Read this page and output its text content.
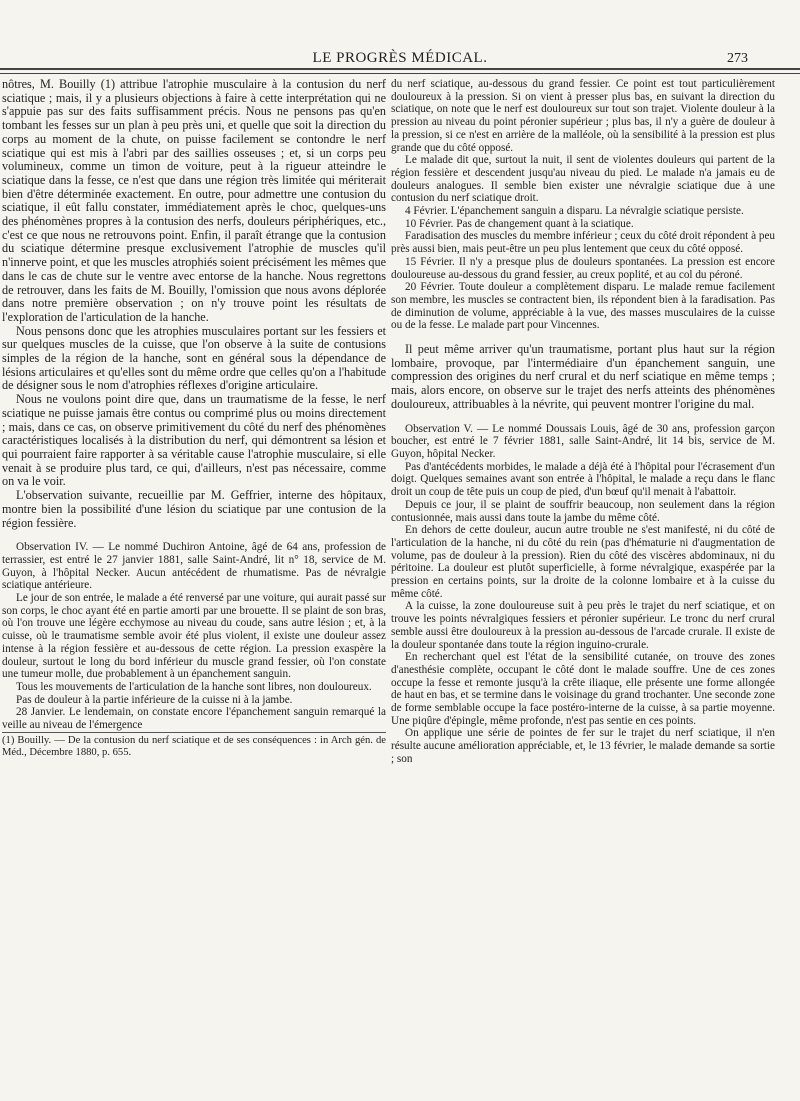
LE PROGRÈS MÉDICAL.	273

nôtres, M. Bouilly (1) attribue l'atrophie musculaire à la contusion du nerf sciatique ; mais, il y a plusieurs objections à faire à cette interprétation qui ne s'appuie pas sur des faits suffisamment précis. Nous ne pensons pas qu'en tombant les fesses sur un plan à peu près uni, et quelle que soit la direction du corps au moment de la chute, on puisse facilement se contondre le nerf sciatique qui est mis à l'abri par des saillies osseuses ; et, si un corps peu volumineux, comme un timon de voiture, peut à la rigueur atteindre le sciatique dans la fesse, ce n'est que dans une région très limitée qui mériterait bien d'être déterminée exactement. En outre, pour admettre une contusion du sciatique, il eût fallu constater, immédiatement après le choc, quelques-uns des phénomènes propres à la contusion des nerfs, douleurs périphériques, etc., c'est ce que nous ne retrouvons point. Enfin, il paraît étrange que la contusion du sciatique détermine presque exclusivement l'atrophie de muscles qu'il n'innerve point, et que les muscles atrophiés soient précisément les mêmes que dans le cas de chute sur le ventre avec entorse de la hanche. Nous regrettons de retrouver, dans les faits de M. Bouilly, l'omission que nous avons déplorée dans notre première observation ; on n'y trouve point les résultats de l'exploration de l'articulation de la hanche.

Nous pensons donc que les atrophies musculaires portant sur les fessiers et sur quelques muscles de la cuisse, que l'on observe à la suite de contusions simples de la région de la hanche, sont en général sous la dépendance de lésions articulaires et qu'elles sont du même ordre que celles qu'on a l'habitude de désigner sous le nom d'atrophies réflexes d'origine articulaire.

Nous ne voulons point dire que, dans un traumatisme de la fesse, le nerf sciatique ne puisse jamais être contus ou comprimé plus ou moins directement ; mais, dans ce cas, on observe primitivement du côté du nerf des phénomènes caractéristiques localisés à la distribution du nerf, qui démontrent sa lésion et qui pourraient faire rapporter à sa véritable cause l'atrophie musculaire, si elle venait à se produire plus tard, ce qui, d'ailleurs, n'est pas nécessaire, comme on va le voir.

L'observation suivante, recueillie par M. Geffrier, interne des hôpitaux, montre bien la possibilité d'une lésion du sciatique par une contusion de la région fessière.

Observation IV. — Le nommé Duchiron Antoine, âgé de 64 ans, profession de terrassier, est entré le 27 janvier 1881, salle Saint-André, lit n° 18, service de M. Guyon, à l'hôpital Necker. Aucun antécédent de rhumatisme. Pas de névralgie sciatique antérieure.

Le jour de son entrée, le malade a été renversé par une voiture, qui aurait passé sur son corps, le choc ayant été en partie amorti par une brouette. Il se plaint de son bras, où l'on trouve une légère ecchymose au niveau du coude, sans autre lésion ; et, à la cuisse, où le traumatisme semble avoir été plus violent, il existe une douleur assez intense à la région fessière et au-dessous de cette région. La pression exaspère la douleur, surtout le long du bord inférieur du muscle grand fessier, où l'on constate une tumeur molle, due probablement à un épanchement sanguin.

Tous les mouvements de l'articulation de la hanche sont libres, non douloureux.

Pas de douleur à la partie inférieure de la cuisse ni à la jambe.

28 Janvier. Le lendemain, on constate encore l'épanchement sanguin remarqué la veille au niveau de l'émergence

(1) Bouilly. — De la contusion du nerf sciatique et de ses conséquences : in Arch gén. de Méd., Décembre 1880, p. 655.

du nerf sciatique, au-dessous du grand fessier. Ce point est tout particulièrement douloureux à la pression. Si on vient à presser plus bas, en suivant la direction du sciatique, on note que le nerf est douloureux sur tout son trajet. Violente douleur à la pression au niveau du point péronier supérieur ; plus bas, il n'y a guère de douleur à la pression, si ce n'est en arrière de la malléole, où la sensibilité à la pression est plus grande que du côté opposé.

Le malade dit que, surtout la nuit, il sent de violentes douleurs qui partent de la région fessière et descendent jusqu'au niveau du pied. Le malade n'a jamais eu de douleurs analogues. Il semble bien exister une névralgie sciatique due à une contusion du nerf sciatique droit.

4 Février. L'épanchement sanguin a disparu. La névralgie sciatique persiste.

10 Février. Pas de changement quant à la sciatique.

Faradisation des muscles du membre inférieur ; ceux du côté droit répondent à peu près aussi bien, mais peut-être un peu plus lentement que ceux du côté opposé.

15 Février. Il n'y a presque plus de douleurs spontanées. La pression est encore douloureuse au-dessous du grand fessier, au creux poplité, et au col du péroné.

20 Février. Toute douleur a complètement disparu. Le malade remue facilement son membre, les muscles se contractent bien, ils répondent bien à la faradisation. Pas de diminution de volume, appréciable à la vue, des masses musculaires de la cuisse ou de la fesse. Le malade part pour Vincennes.

Il peut même arriver qu'un traumatisme, portant plus haut sur la région lombaire, provoque, par l'intermédiaire d'un épanchement sanguin, une compression des origines du nerf crural et du nerf sciatique en même temps ; mais, alors encore, on observe sur le trajet des nerfs atteints des phénomènes douloureux, attribuables à la névrite, qui peuvent montrer l'origine du mal.

Observation V. — Le nommé Doussais Louis, âgé de 30 ans, profession garçon boucher, est entré le 7 février 1881, salle Saint-André, lit 14 bis, service de M. Guyon, hôpital Necker.

Pas d'antécédents morbides, le malade a déjà été à l'hôpital pour l'écrasement d'un doigt. Quelques semaines avant son entrée à l'hôpital, le malade a reçu dans le flanc droit un coup de tête puis un coup de pied, d'un bœuf qu'il menait à l'abattoir.

Depuis ce jour, il se plaint de souffrir beaucoup, non seulement dans la région contusionnée, mais aussi dans toute la jambe du même côté.

En dehors de cette douleur, aucun autre trouble ne s'est manifesté, ni du côté de l'articulation de la hanche, ni du côté du rein (pas d'hématurie ni d'augmentation de volume, pas de douleur à la pression). Rien du côté des viscères abdominaux, ni du péritoine. La douleur est plutôt superficielle, à forme névralgique, exaspérée par la pression en certains points, sur la droite de la colonne lombaire et à la cuisse du même côté.

A la cuisse, la zone douloureuse suit à peu près le trajet du nerf sciatique, et on trouve les points névralgiques fessiers et péronier supérieur. Le tronc du nerf crural semble aussi être douloureux à la pression au-dessous de l'arcade crurale. Il existe de la douleur spontanée dans toute la région inguino-crurale.

En recherchant quel est l'état de la sensibilité cutanée, on trouve des zones d'anesthésie complète, occupant le côté dont le malade souffre. Une de ces zones occupe la fesse et remonte jusqu'à la crête iliaque, elle présente une forme allongée de haut en bas, et se termine dans le voisinage du grand trochanter. Une seconde zone de forme semblable occupe la face postéro-interne de la cuisse, à sa partie moyenne. Une piqûre d'épingle, même profonde, n'est pas sentie en ces points.

On applique une série de pointes de fer sur le trajet du nerf sciatique, il n'en résulte aucune amélioration appréciable, et, le 13 février, le malade demande sa sortie ; son
